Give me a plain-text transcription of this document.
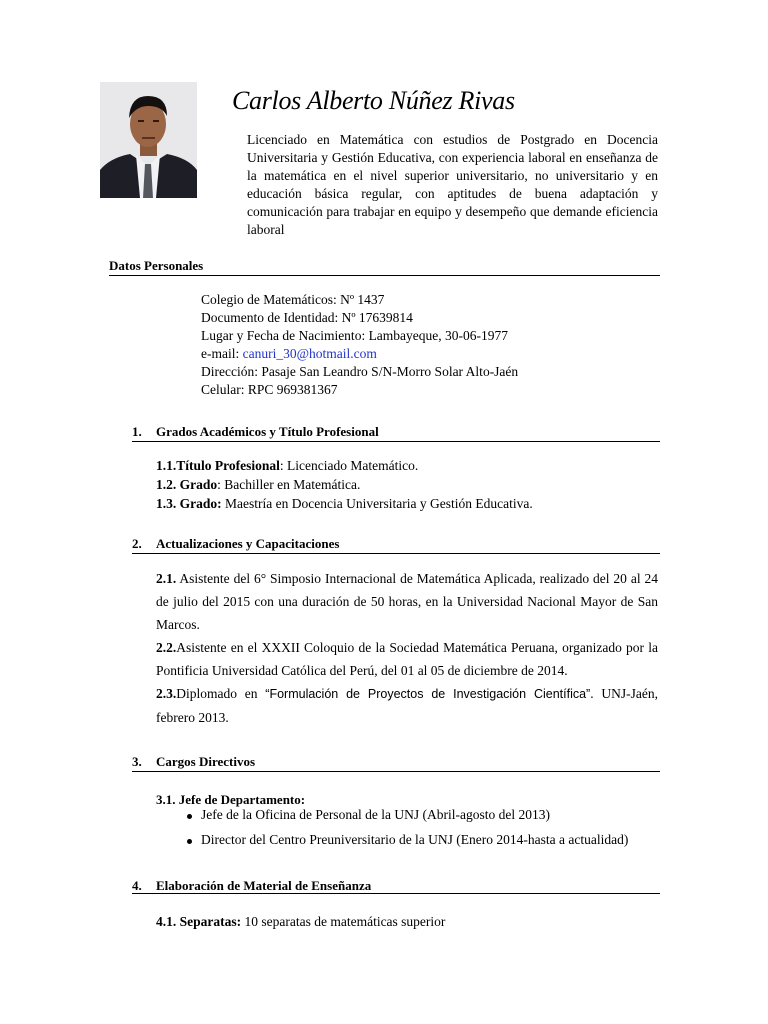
Carlos Alberto Núñez Rivas
Licenciado en Matemática con estudios de Postgrado en Docencia Universitaria y Gestión Educativa, con experiencia laboral en enseñanza de la matemática en el nivel superior universitario, no universitario y en educación básica regular, con aptitudes de buena adaptación y comunicación para trabajar en equipo y desempeño que demande eficiencia laboral
Datos Personales
Colegio de Matemáticos: Nº 1437
Documento de Identidad: Nº 17639814
Lugar y Fecha de Nacimiento: Lambayeque, 30-06-1977
e-mail: canuri_30@hotmail.com
Dirección: Pasaje San Leandro S/N-Morro Solar Alto-Jaén
Celular: RPC 969381367
1. Grados Académicos y Título Profesional
1.1.Título Profesional: Licenciado Matemático.
1.2. Grado: Bachiller en Matemática.
1.3. Grado: Maestría en Docencia Universitaria y Gestión Educativa.
2. Actualizaciones y Capacitaciones
2.1. Asistente del 6° Simposio Internacional de Matemática Aplicada, realizado del 20 al 24 de julio del 2015 con una duración de 50 horas, en la Universidad Nacional Mayor de San Marcos.
2.2.Asistente en el XXXII Coloquio de la Sociedad Matemática Peruana, organizado por la Pontificia Universidad Católica del Perú, del 01 al 05 de diciembre de 2014.
2.3.Diplomado en “Formulación de Proyectos de Investigación Científica”. UNJ-Jaén, febrero 2013.
3. Cargos Directivos
3.1. Jefe de Departamento:
Jefe de la Oficina de Personal de la UNJ (Abril-agosto del 2013)
Director del Centro Preuniversitario de la UNJ (Enero 2014-hasta a actualidad)
4. Elaboración de Material de Enseñanza
4.1. Separatas: 10 separatas de matemáticas superior
